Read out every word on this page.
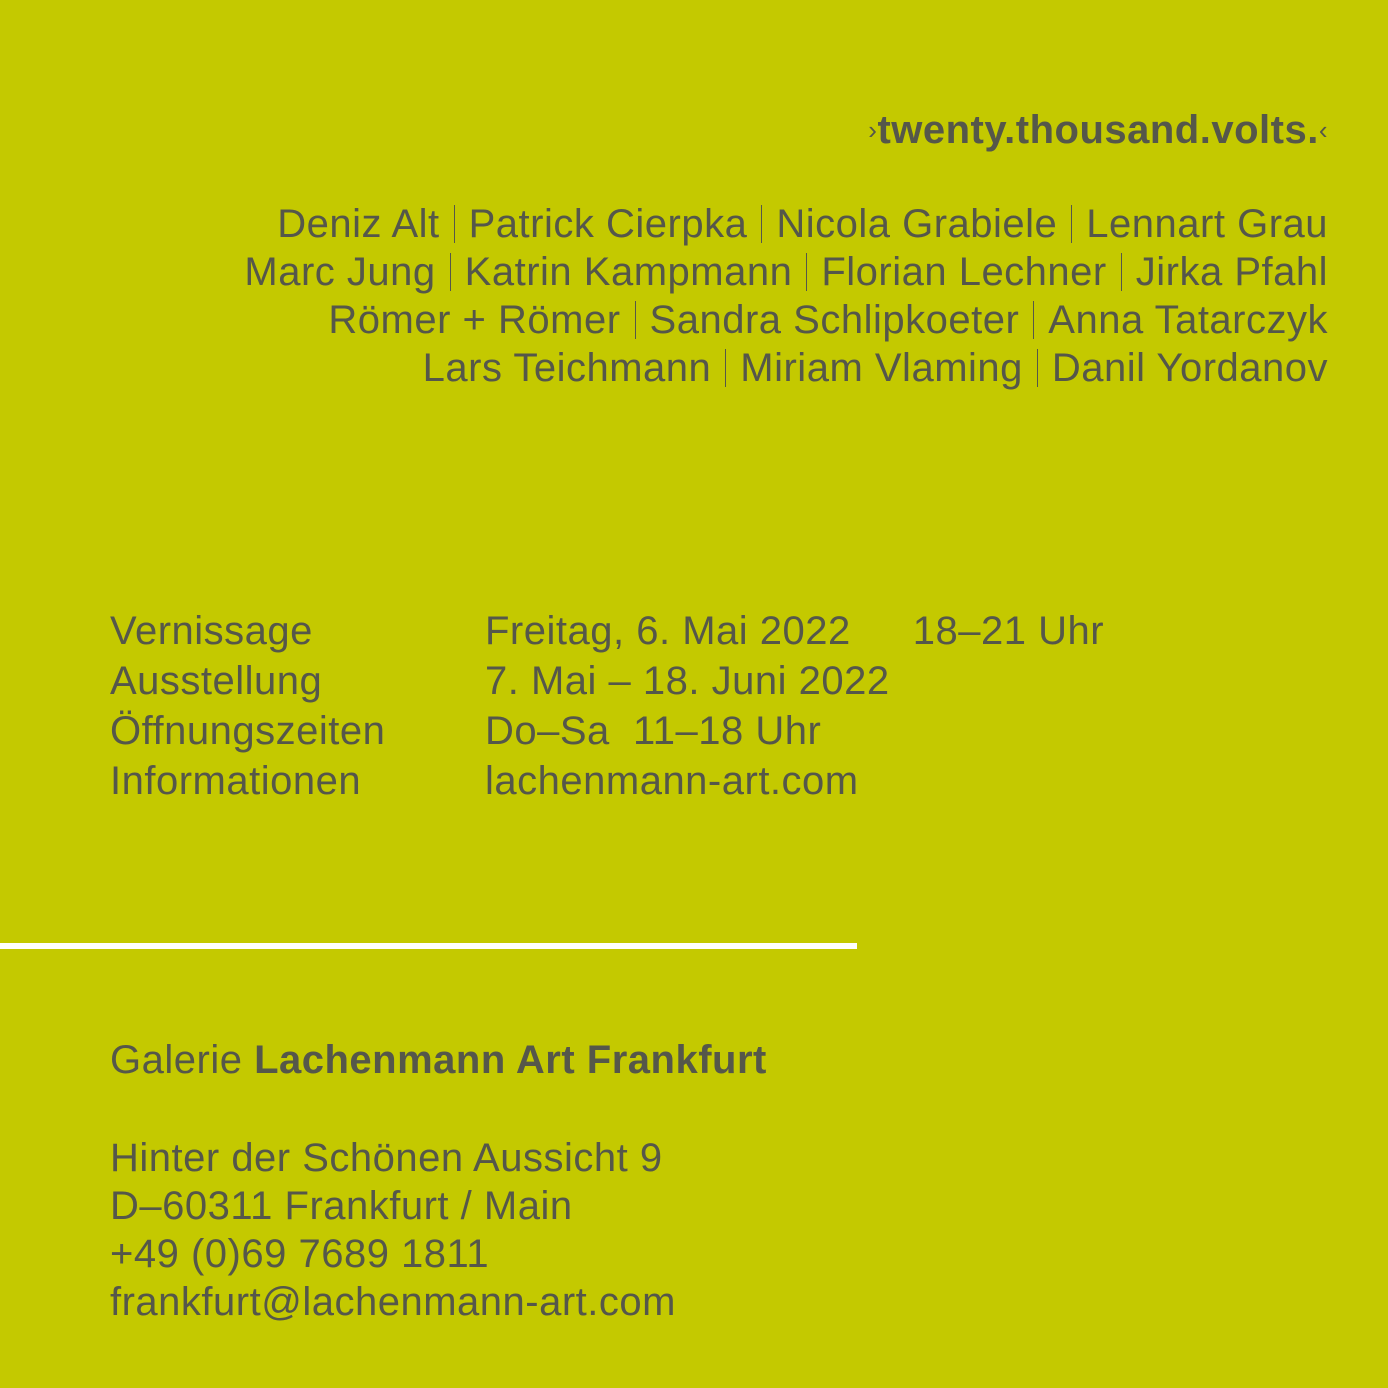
›twenty.thousand.volts.‹
Deniz Alt Patrick Cierpka Nicola Grabiele Lennart Grau
Marc Jung Katrin Kampmann Florian Lechner Jirka Pfahl
Römer + Römer Sandra Schlipkoeter Anna Tatarczyk
Lars Teichmann Miriam Vlaming Danil Yordanov
Vernissage	Freitag, 6. Mai 2022 18–21 Uhr
Ausstellung	7. Mai – 18. Juni 2022
Öffnungszeiten Do–Sa  11–18 Uhr
Informationen	lachenmann-art.com
Galerie Lachenmann Art Frankfurt
Hinter der Schönen Aussicht 9
D–60311 Frankfurt / Main
+49 (0)69 7689 1811
frankfurt@lachenmann-art.com
